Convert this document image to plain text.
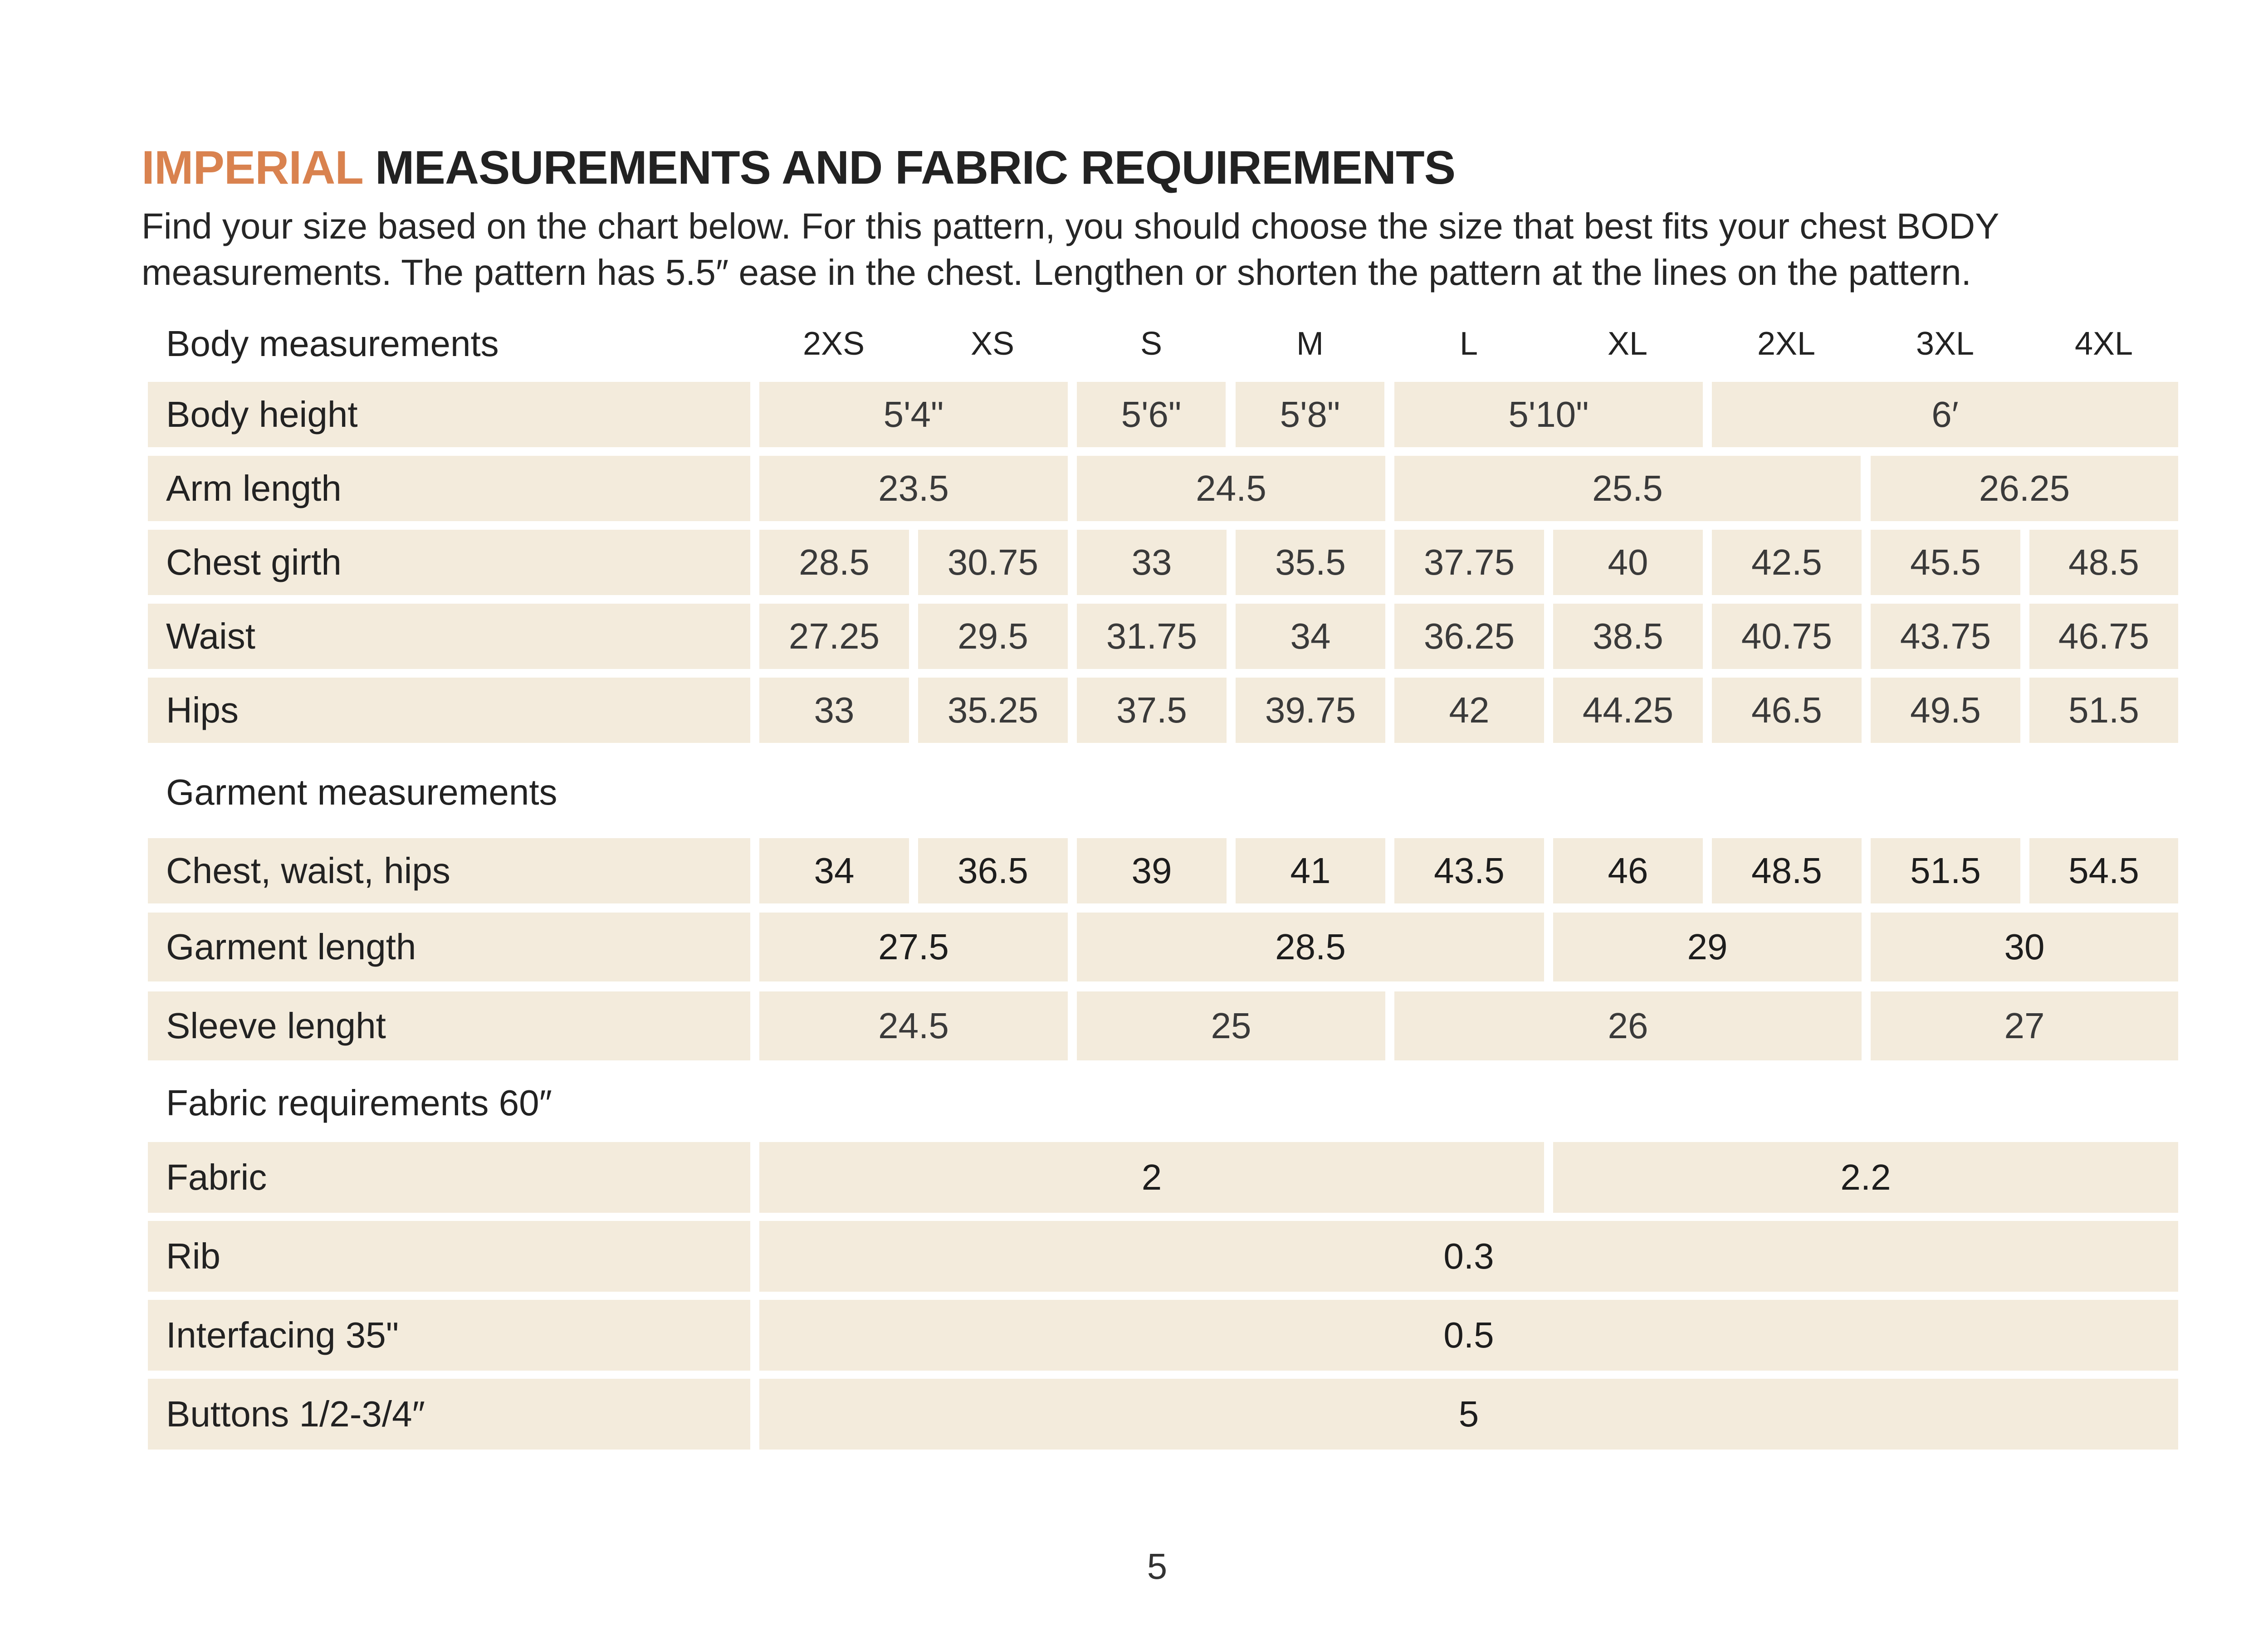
IMPERIAL MEASUREMENTS AND FABRIC REQUIREMENTS

Find your size based on the chart below. For this pattern, you should choose the size that best fits your chest BODY

measurements. The pattern has 5.5″ ease in the chest. Lengthen or shorten the pattern at the lines on the pattern.

Body measurements	2XS	XS	S	M	L	XL	2XL	3XL	4XL
Body height	5'4"	5'6"	5'8"	5'10"	6′
Arm length	23.5	24.5	25.5	26.25
Chest girth	28.5	30.75	33	35.5	37.75	40	42.5	45.5	48.5
Waist	27.25	29.5	31.75	34	36.25	38.5	40.75	43.75	46.75
Hips	33	35.25	37.5	39.75	42	44.25	46.5	49.5	51.5
Garment measurements
Chest, waist, hips	34	36.5	39	41	43.5	46	48.5	51.5	54.5
Garment length	27.5	28.5	29	30
Sleeve lenght	24.5	25	26	27
Fabric requirements 60″
Fabric	2	2.2
Rib	0.3
Interfacing 35"	0.5
Buttons 1/2-3/4″	5
5
